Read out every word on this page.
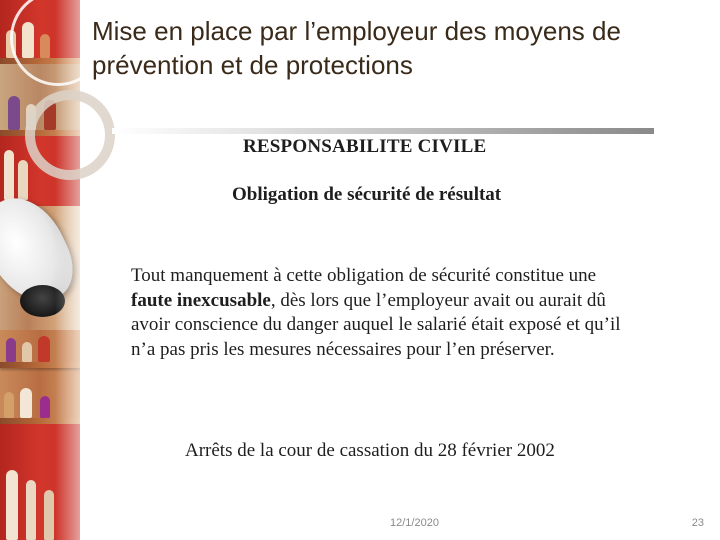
Mise en place par l’employeur des moyens de prévention et de protections
RESPONSABILITE CIVILE
Obligation de sécurité de résultat
Tout manquement à cette obligation de sécurité constitue une faute inexcusable, dès lors que l’employeur avait ou aurait dû avoir conscience du danger auquel le salarié était exposé et qu’il n’a pas pris les mesures nécessaires pour l’en préserver.
Arrêts de la cour de cassation du 28 février 2002
12/1/2020	23
